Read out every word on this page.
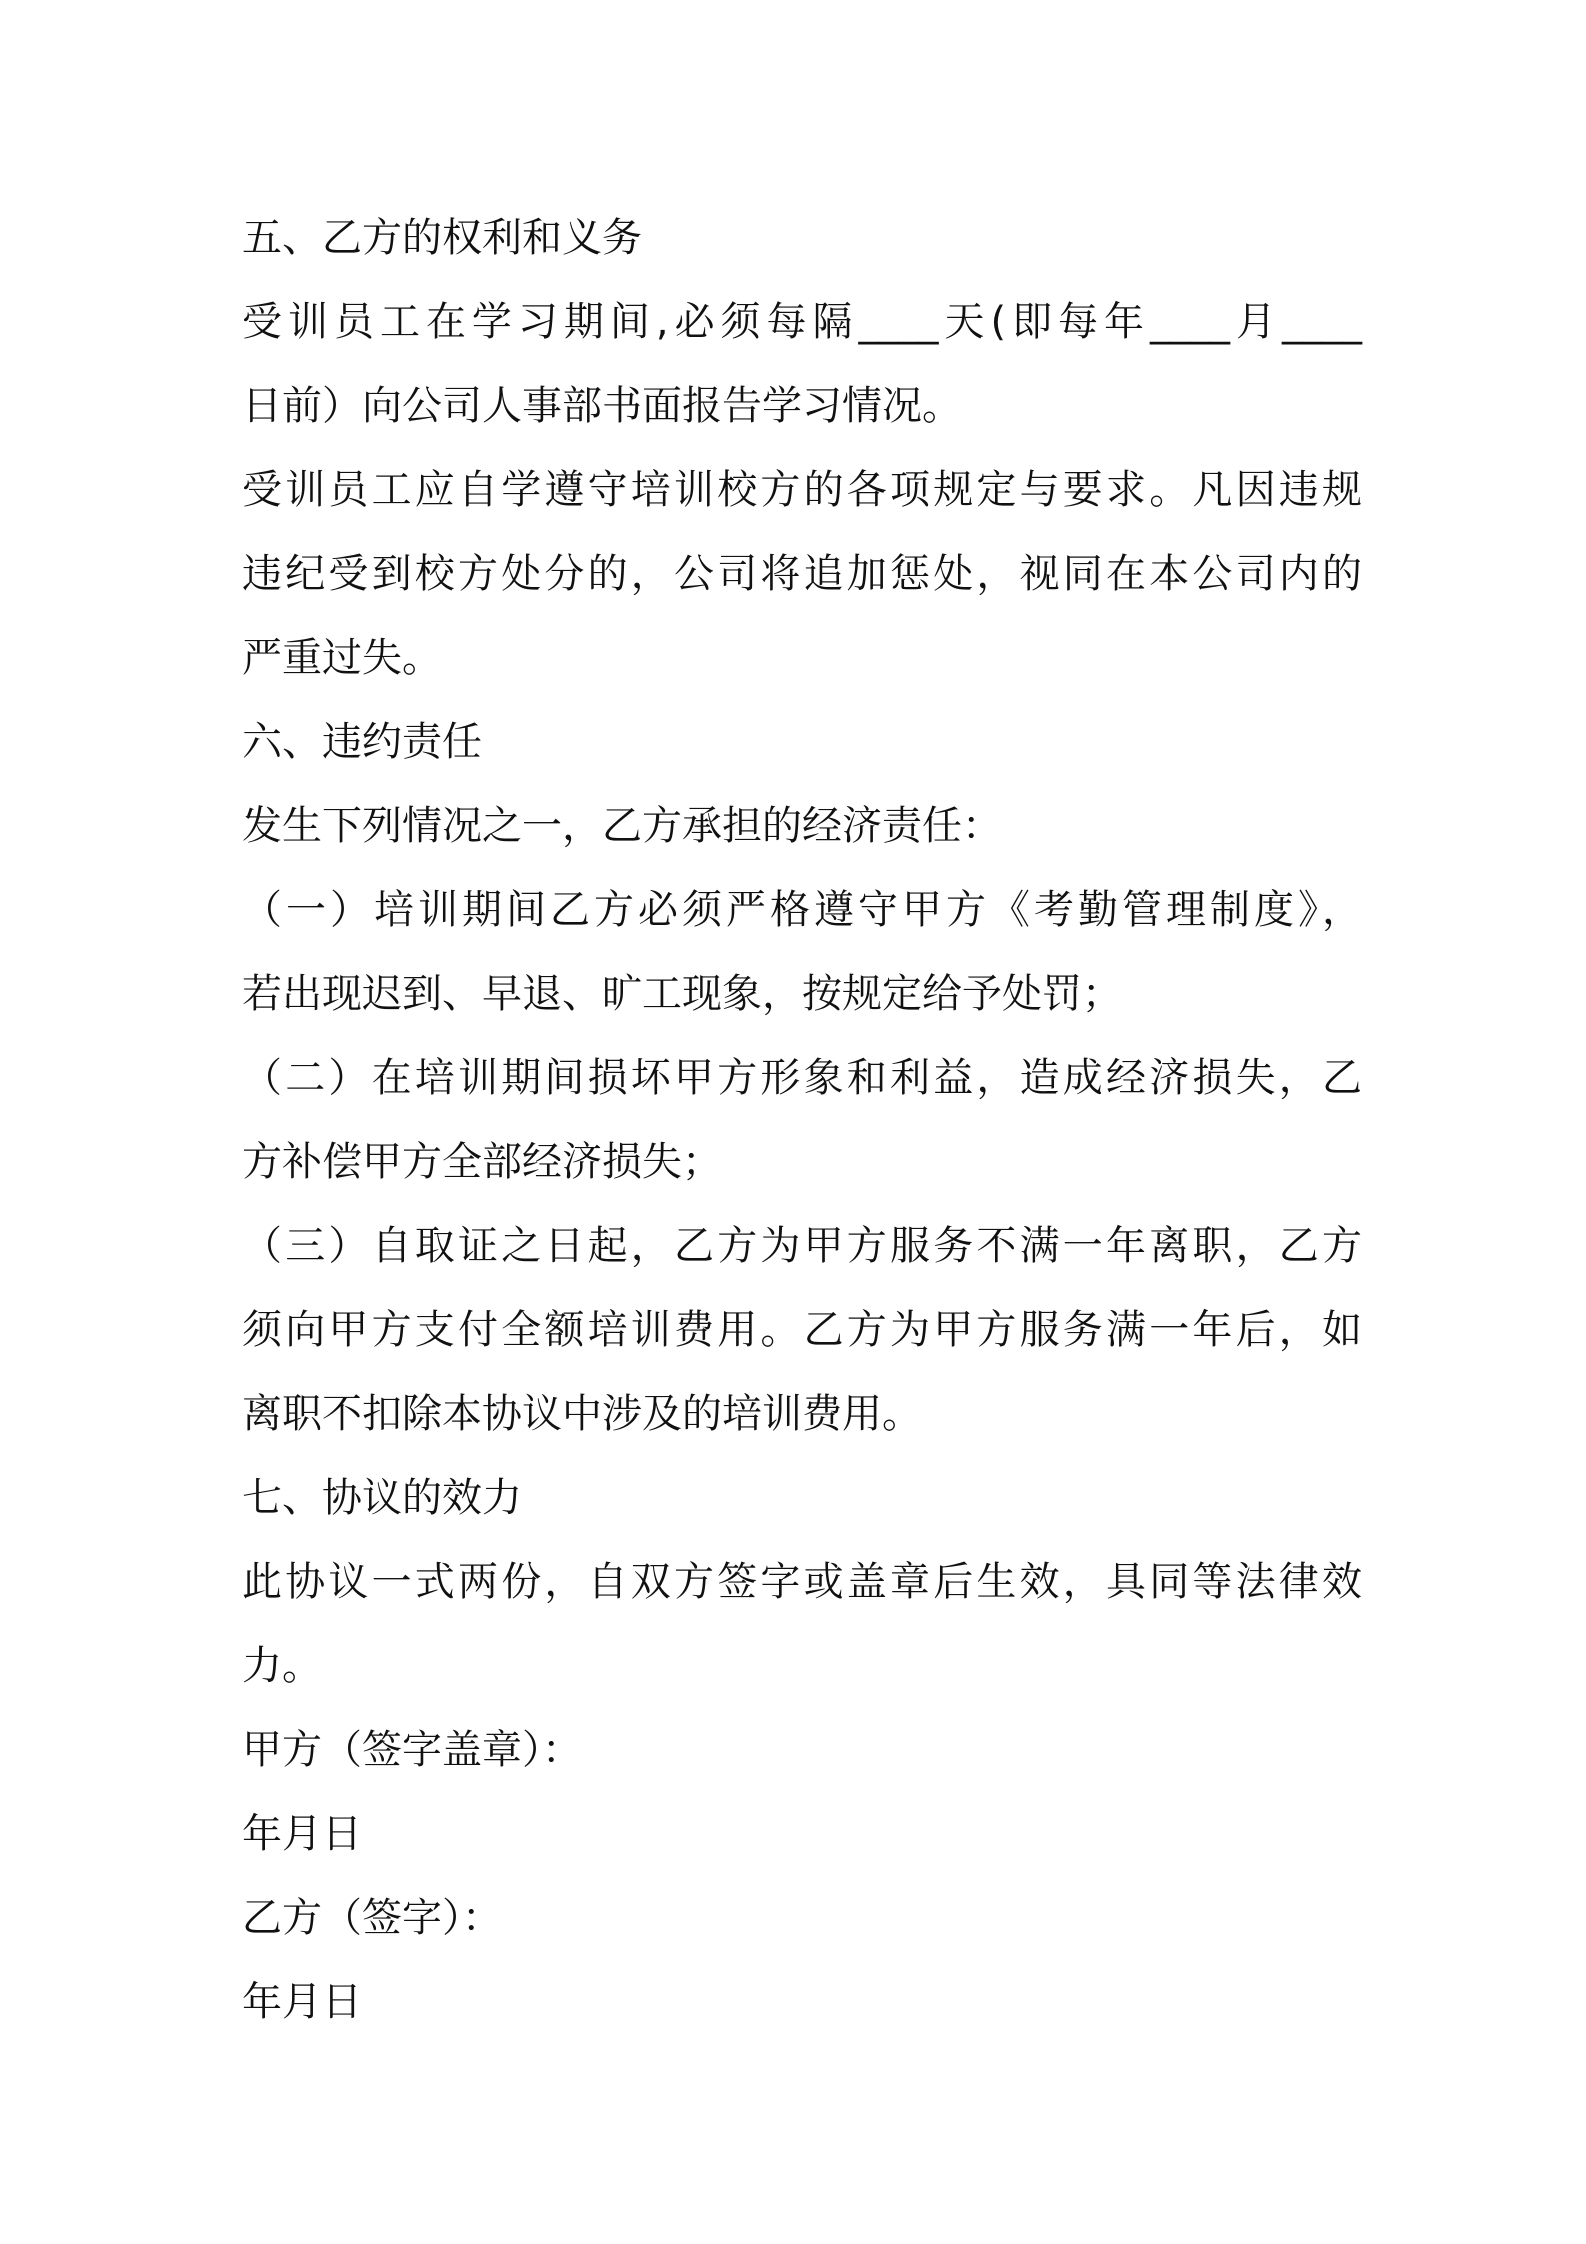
五、乙方的权利和义务
受训员工在学习期间,必须每隔____天(即每年____月____
日前）向公司人事部书面报告学习情况。
受训员工应自学遵守培训校方的各项规定与要求。凡因违规
违纪受到校方处分的，公司将追加惩处，视同在本公司内的
严重过失。
六、违约责任
发生下列情况之一，乙方承担的经济责任：
（一）培训期间乙方必须严格遵守甲方《考勤管理制度》，
若出现迟到、早退、旷工现象，按规定给予处罚；
（二）在培训期间损坏甲方形象和利益，造成经济损失，乙
方补偿甲方全部经济损失；
（三）自取证之日起，乙方为甲方服务不满一年离职，乙方
须向甲方支付全额培训费用。乙方为甲方服务满一年后，如
离职不扣除本协议中涉及的培训费用。
七、协议的效力
此协议一式两份，自双方签字或盖章后生效，具同等法律效
力。
甲方（签字盖章）：
年月日
乙方（签字）：
年月日
